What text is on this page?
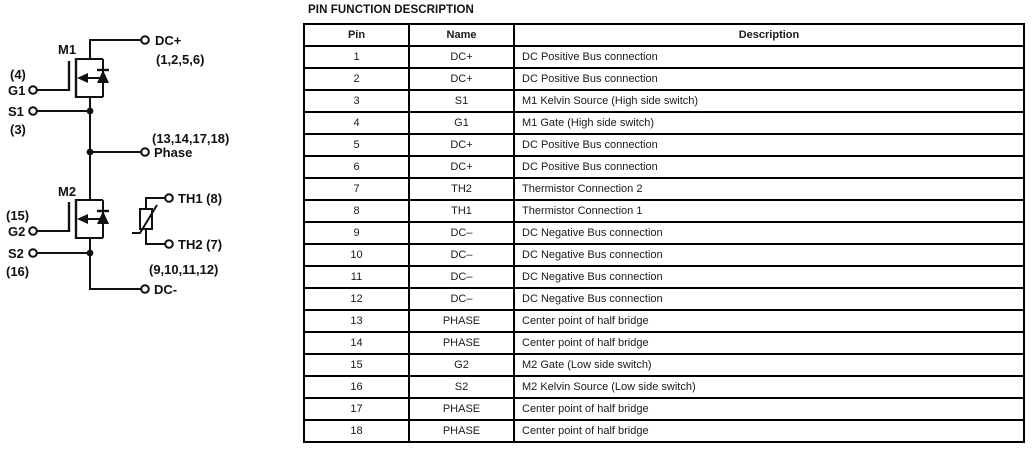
M1
DC+
(1,2,5,6)
(4)
G1
S1
(3)
(13,14,17,18)
Phase
M2
(15)
G2
S2
(16)
TH1 (8)
TH2 (7)
(9,10,11,12)
DC-
PIN FUNCTION DESCRIPTION
Pin	Name	Description
1	DC+	DC Positive Bus connection
2	DC+	DC Positive Bus connection
3	S1	M1 Kelvin Source (High side switch)
4	G1	M1 Gate (High side switch)
5	DC+	DC Positive Bus connection
6	DC+	DC Positive Bus connection
7	TH2	Thermistor Connection 2
8	TH1	Thermistor Connection 1
9	DC–	DC Negative Bus connection
10	DC–	DC Negative Bus connection
11	DC–	DC Negative Bus connection
12	DC–	DC Negative Bus connection
13	PHASE	Center point of half bridge
14	PHASE	Center point of half bridge
15	G2	M2 Gate (Low side switch)
16	S2	M2 Kelvin Source (Low side switch)
17	PHASE	Center point of half bridge
18	PHASE	Center point of half bridge
